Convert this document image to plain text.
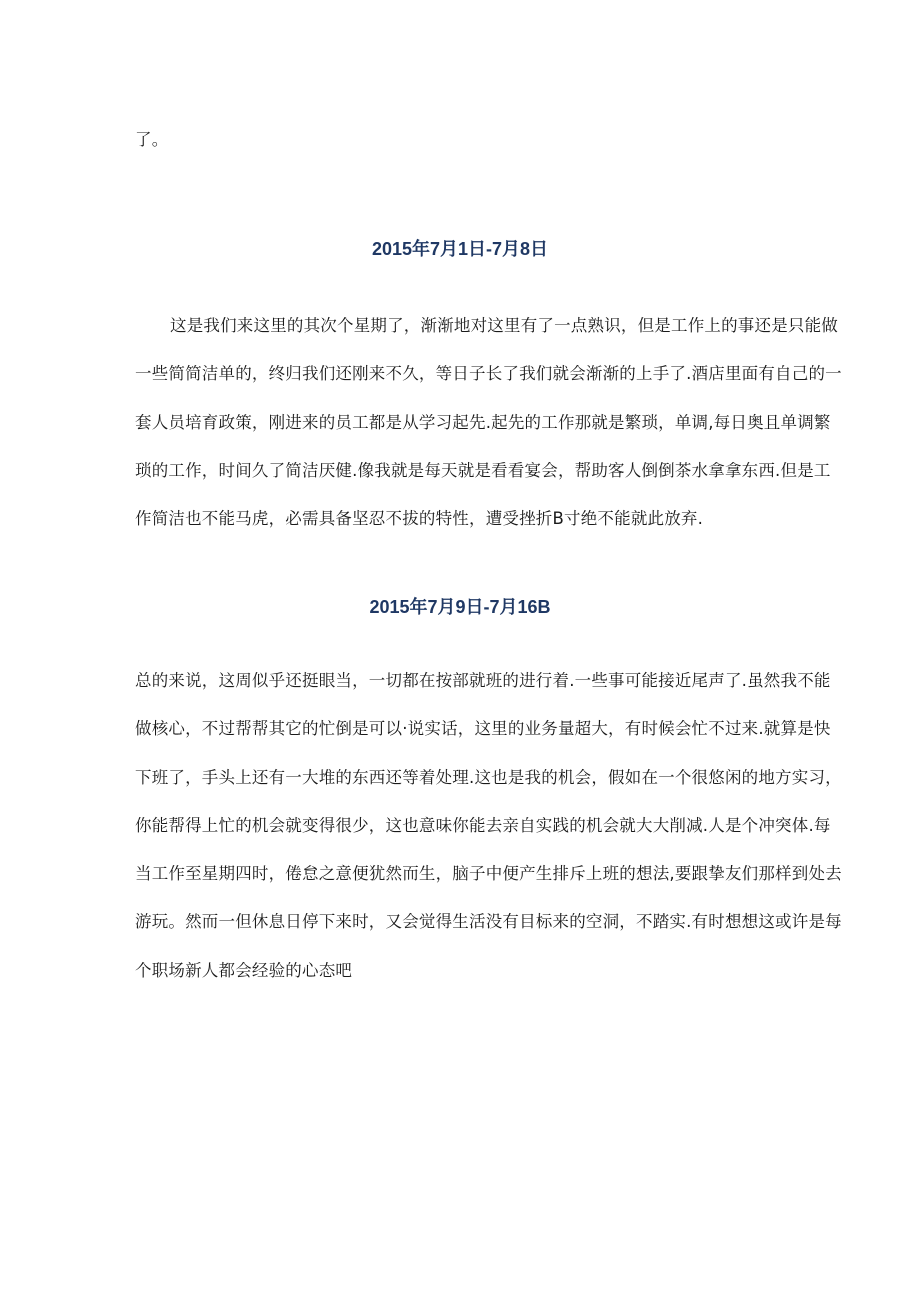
了。
2015年7月1日-7月8日
这是我们来这里的其次个星期了，渐渐地对这里有了一点熟识，但是工作上的事还是只能做
一些简简洁单的，终归我们还刚来不久，等日子长了我们就会渐渐的上手了.酒店里面有自己的一
套人员培育政策，刚进来的员工都是从学习起先.起先的工作那就是繁琐，单调,每日奥且单调繁
琐的工作，时间久了简洁厌健.像我就是每天就是看看宴会，帮助客人倒倒茶水拿拿东西.但是工
作简洁也不能马虎，必需具备坚忍不拔的特性，遭受挫折B寸绝不能就此放弃.
2015年7月9日-7月16B
总的来说，这周似乎还挺眼当，一切都在按部就班的进行着.一些事可能接近尾声了.虽然我不能
做核心，不过帮帮其它的忙倒是可以·说实话，这里的业务量超大，有时候会忙不过来.就算是快
下班了，手头上还有一大堆的东西还等着处理.这也是我的机会，假如在一个很悠闲的地方实习，
你能帮得上忙的机会就变得很少，这也意味你能去亲自实践的机会就大大削减.人是个冲突体.每
当工作至星期四时，倦怠之意便犹然而生，脑子中便产生排斥上班的想法,要跟挚友们那样到处去
游玩。然而一但休息日停下来时，又会觉得生活没有目标来的空洞，不踏实.有时想想这或许是每
个职场新人都会经验的心态吧
